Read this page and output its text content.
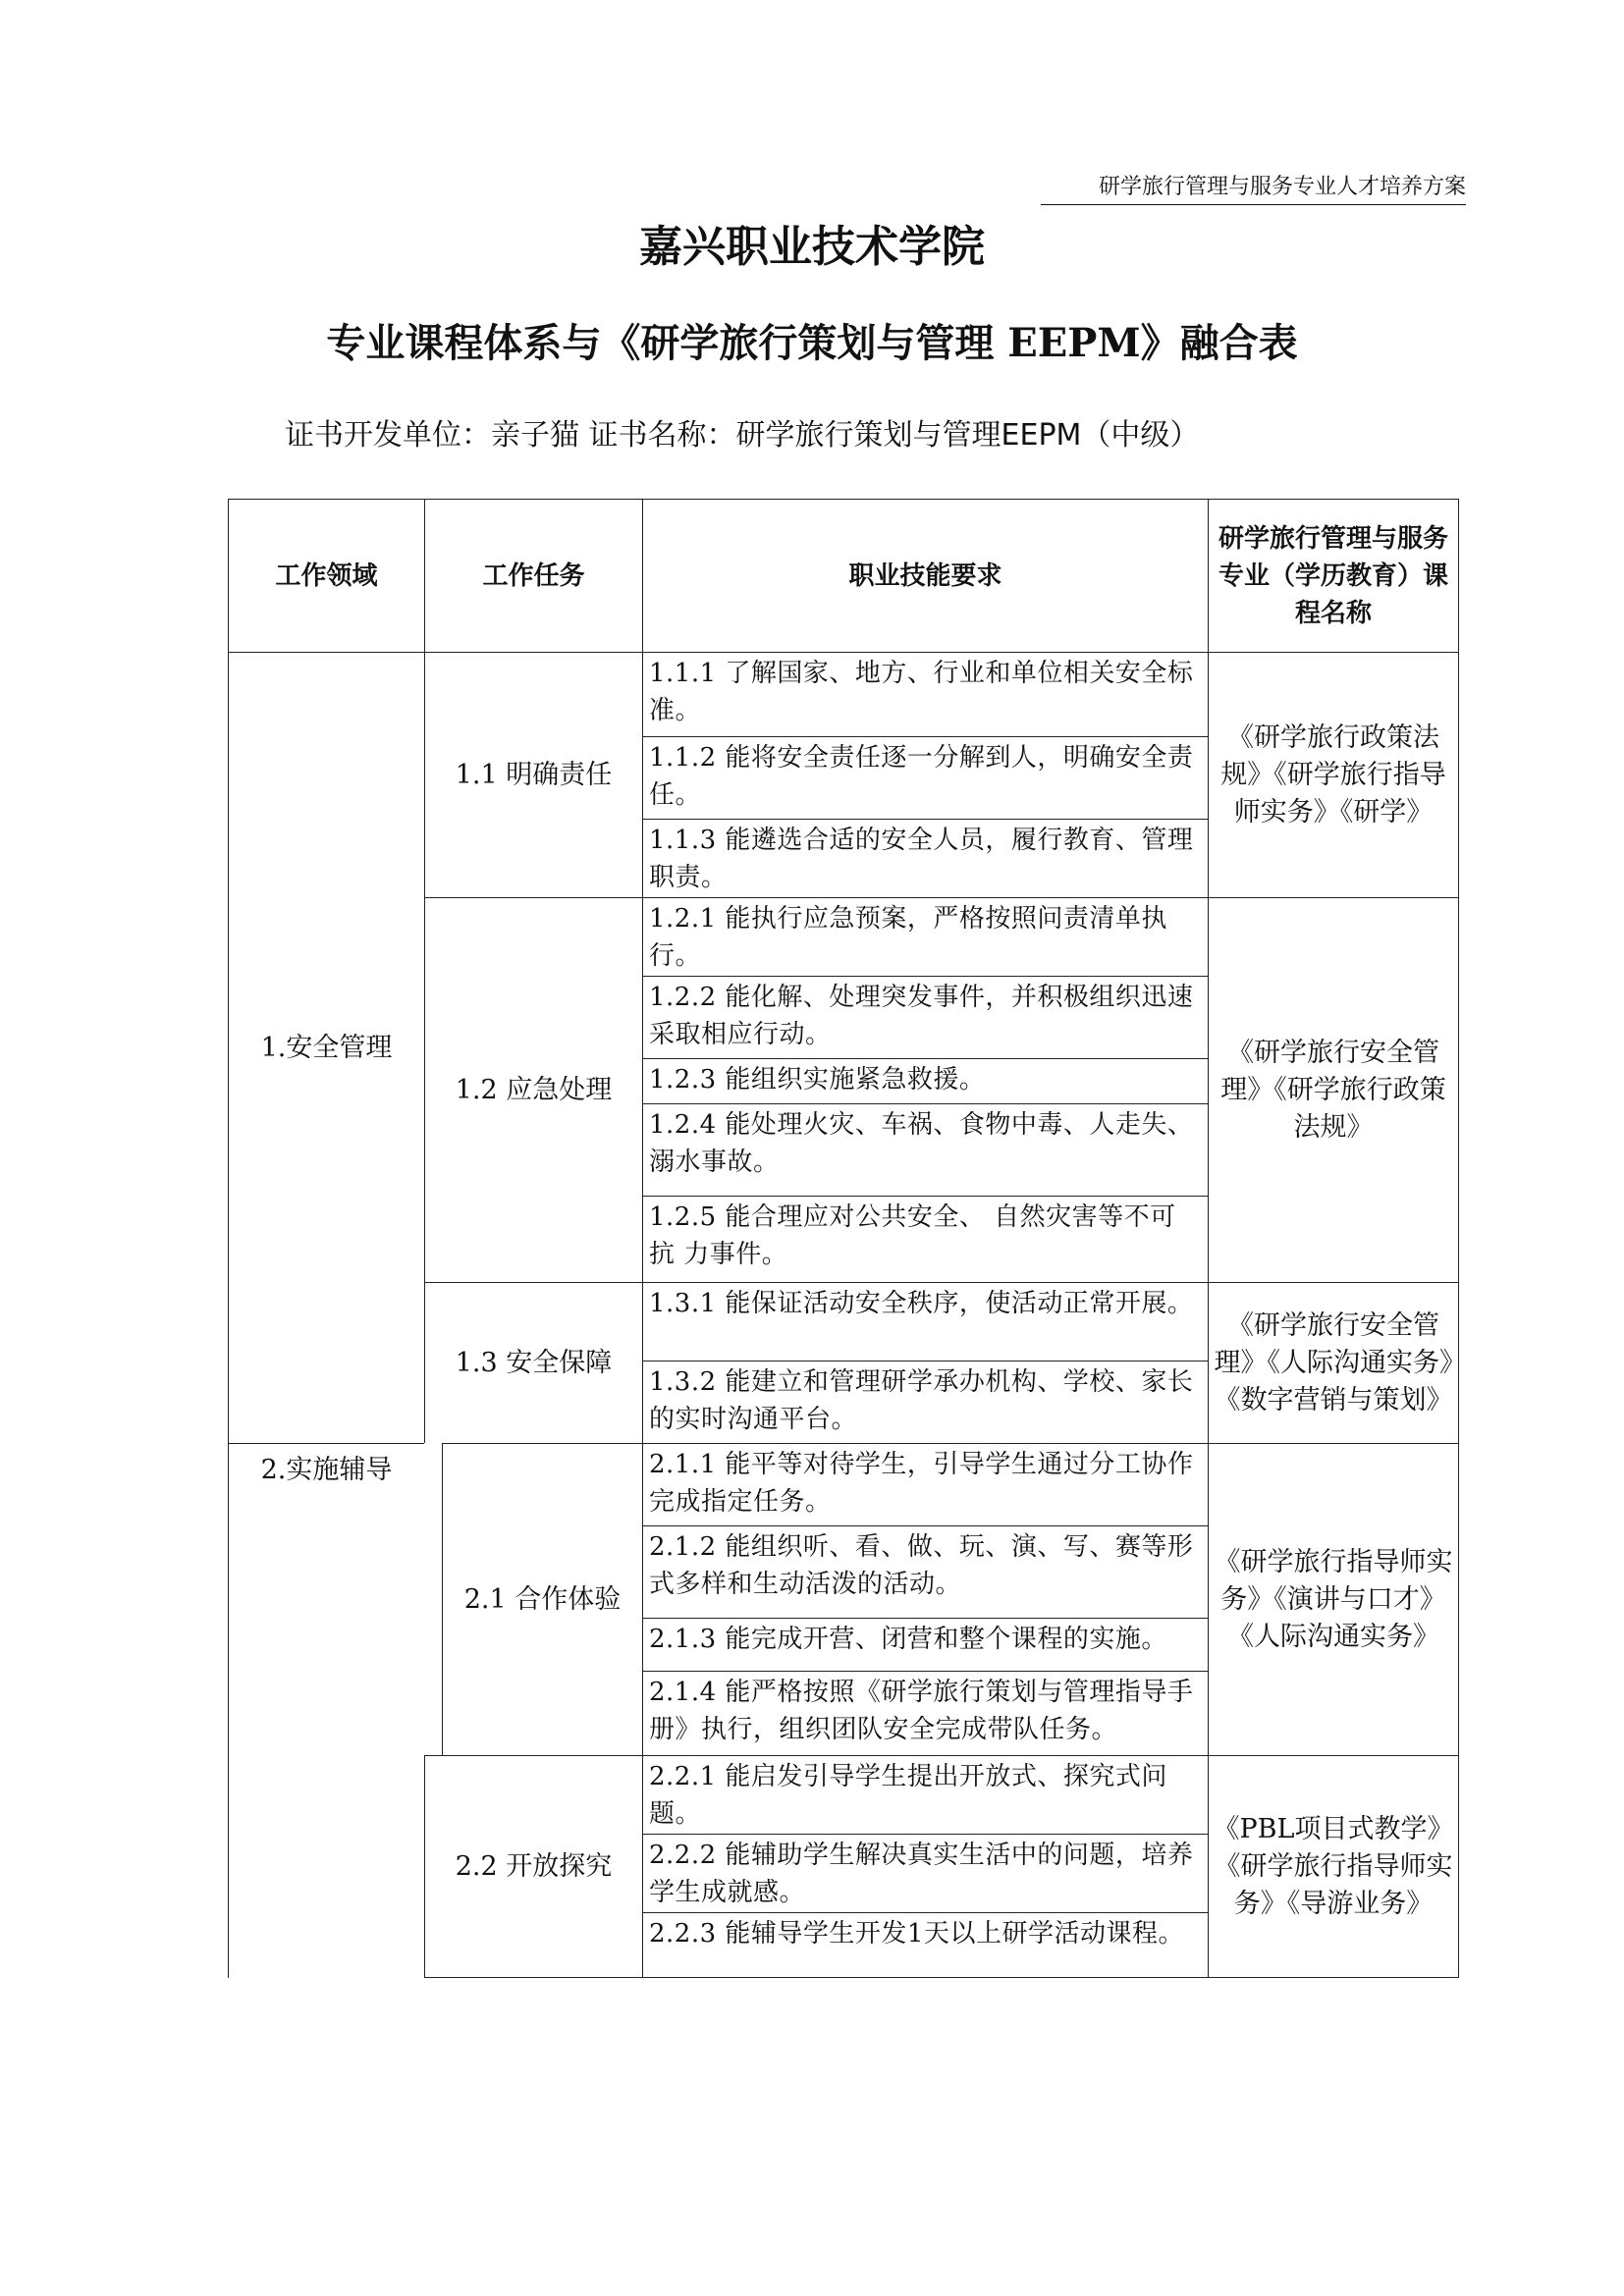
研学旅行管理与服务专业人才培养方案
嘉兴职业技术学院
专业课程体系与《研学旅行策划与管理 EEPM》融合表
证书开发单位：亲子猫 证书名称：研学旅行策划与管理EEPM（中级）
工作领域	工作任务	职业技能要求
研学旅行管理与服务专业（学历教育）课程名称
1.安全管理
2.实施辅导
1.1 明确责任
1.2 应急处理
1.3 安全保障
2.1 合作体验
2.2 开放探究
1.1.1 了解国家、地方、行业和单位相关安全标 准。
1.1.2 能将安全责任逐一分解到人，明确安全责 任。
1.1.3 能遴选合适的安全人员，履行教育、管理职责。
1.2.1 能执行应急预案，严格按照问责清单执行。
1.2.2 能化解、处理突发事件，并积极组织迅速 采取相应行动。
1.2.3 能组织实施紧急救援。
1.2.4 能处理火灾、车祸、食物中毒、人走失、 溺水事故。
1.2.5 能合理应对公共安全、 自然灾害等不可抗 力事件。
1.3.1 能保证活动安全秩序，使活动正常开展。
1.3.2 能建立和管理研学承办机构、学校、家长 的实时沟通平台。
2.1.1 能平等对待学生，引导学生通过分工协作 完成指定任务。
2.1.2 能组织听、看、做、玩、演、写、赛等形 式多样和生动活泼的活动。
2.1.3 能完成开营、闭营和整个课程的实施。
2.1.4 能严格按照《研学旅行策划与管理指导手 册》执行，组织团队安全完成带队任务。
2.2.1 能启发引导学生提出开放式、探究式问题。
2.2.2 能辅助学生解决真实生活中的问题，培养 学生成就感。
2.2.3 能辅导学生开发1天以上研学活动课程。
《研学旅行政策法规》《研学旅行指导师实务》《研学》
《研学旅行安全管理》《研学旅行政策法规》
《研学旅行安全管理》《人际沟通实务》《数字营销与策划》
《研学旅行指导师实务》《演讲与口才》《人际沟通实务》
《PBL项目式教学》《研学旅行指导师实务》《导游业务》
